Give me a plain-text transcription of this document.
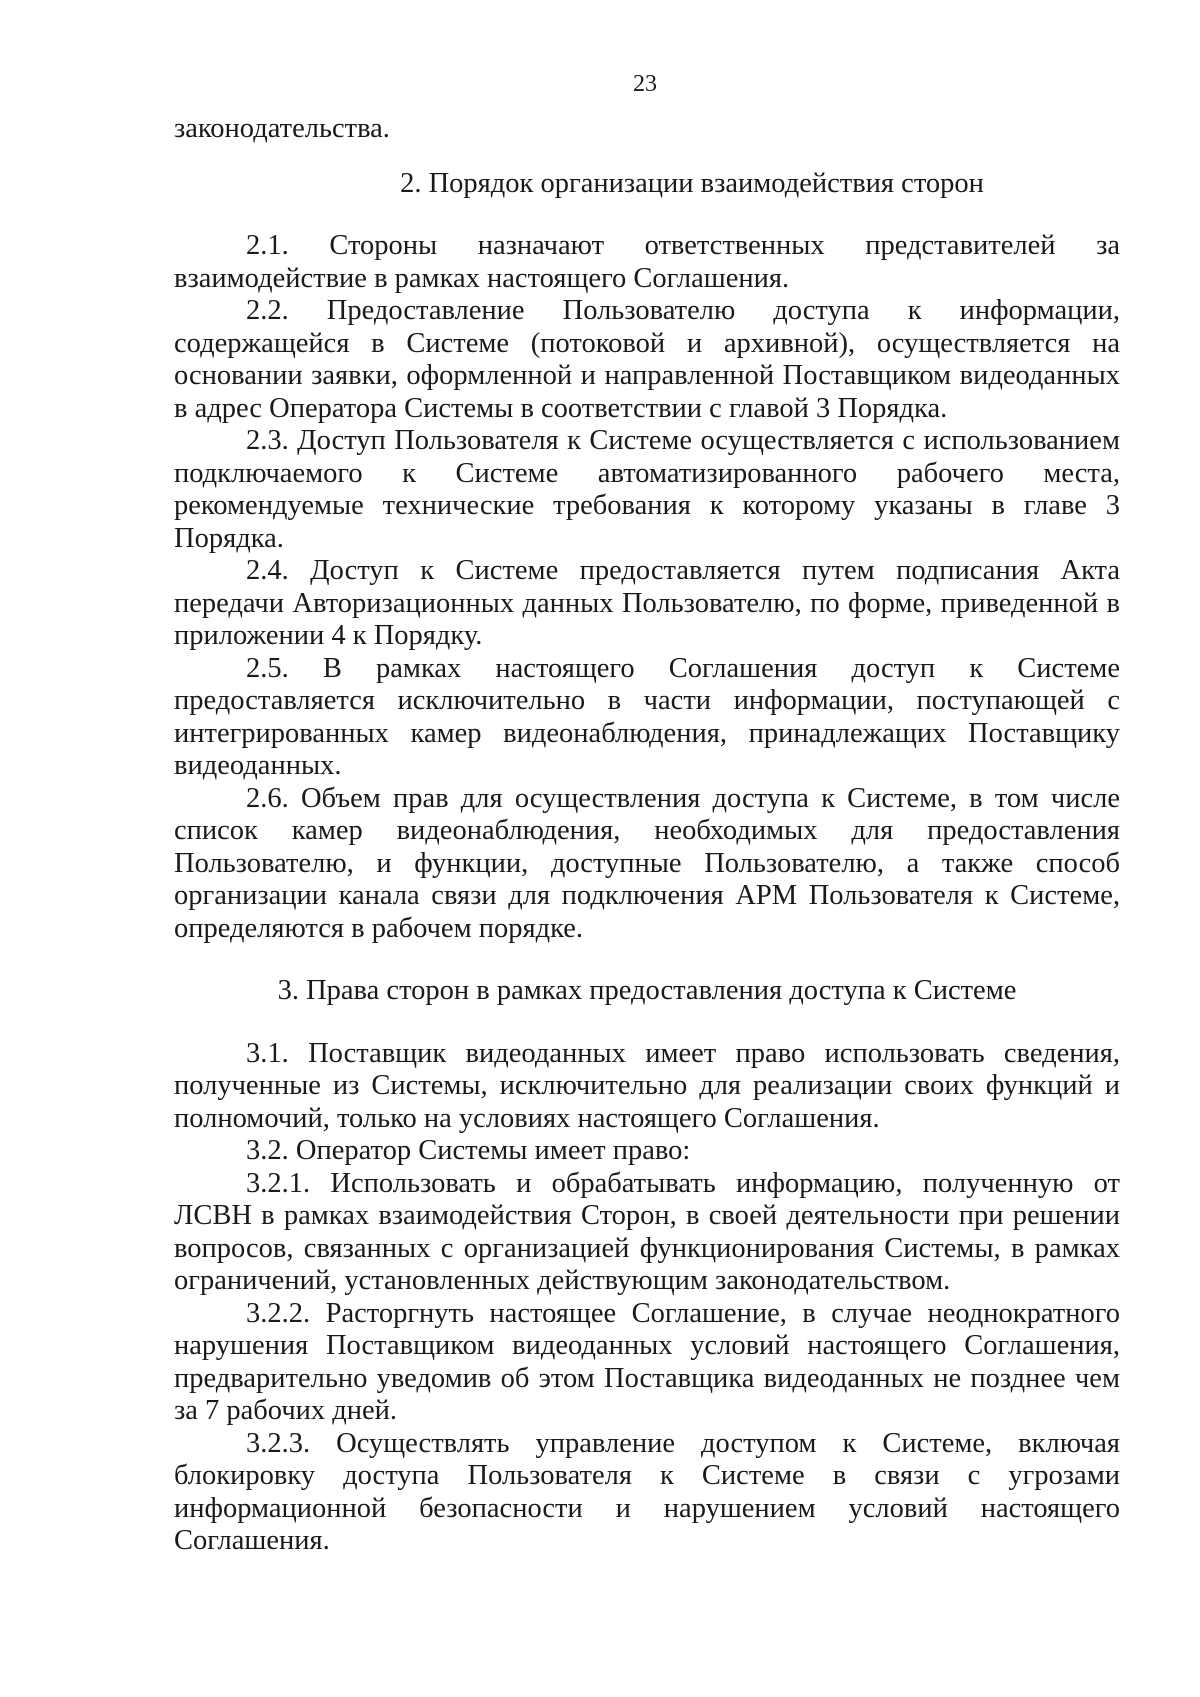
23

законодательства.

2. Порядок организации взаимодействия сторон

2.1. Стороны назначают ответственных представителей за взаимодействие в рамках настоящего Соглашения.

2.2. Предоставление Пользователю доступа к информации, содержащейся в Системе (потоковой и архивной), осуществляется на основании заявки, оформленной и направленной Поставщиком видеоданных в адрес Оператора Системы в соответствии с главой 3 Порядка.

2.3. Доступ Пользователя к Системе осуществляется с использованием подключаемого к Системе автоматизированного рабочего места, рекомендуемые технические требования к которому указаны в главе 3 Порядка.

2.4. Доступ к Системе предоставляется путем подписания Акта передачи Авторизационных данных Пользователю, по форме, приведенной в приложении 4 к Порядку.

2.5. В рамках настоящего Соглашения доступ к Системе предоставляется исключительно в части информации, поступающей с интегрированных камер видеонаблюдения, принадлежащих Поставщику видеоданных.

2.6. Объем прав для осуществления доступа к Системе, в том числе список камер видеонаблюдения, необходимых для предоставления Пользователю, и функции, доступные Пользователю, а также способ организации канала связи для подключения АРМ Пользователя к Системе, определяются в рабочем порядке.

3. Права сторон в рамках предоставления доступа к Системе

3.1. Поставщик видеоданных имеет право использовать сведения, полученные из Системы, исключительно для реализации своих функций и полномочий, только на условиях настоящего Соглашения.

3.2. Оператор Системы имеет право:

3.2.1. Использовать и обрабатывать информацию, полученную от ЛСВН в рамках взаимодействия Сторон, в своей деятельности при решении вопросов, связанных с организацией функционирования Системы, в рамках ограничений, установленных действующим законодательством.

3.2.2. Расторгнуть настоящее Соглашение, в случае неоднократного нарушения Поставщиком видеоданных условий настоящего Соглашения, предварительно уведомив об этом Поставщика видеоданных не позднее чем за 7 рабочих дней.

3.2.3. Осуществлять управление доступом к Системе, включая блокировку доступа Пользователя к Системе в связи с угрозами информационной безопасности и нарушением условий настоящего Соглашения.
